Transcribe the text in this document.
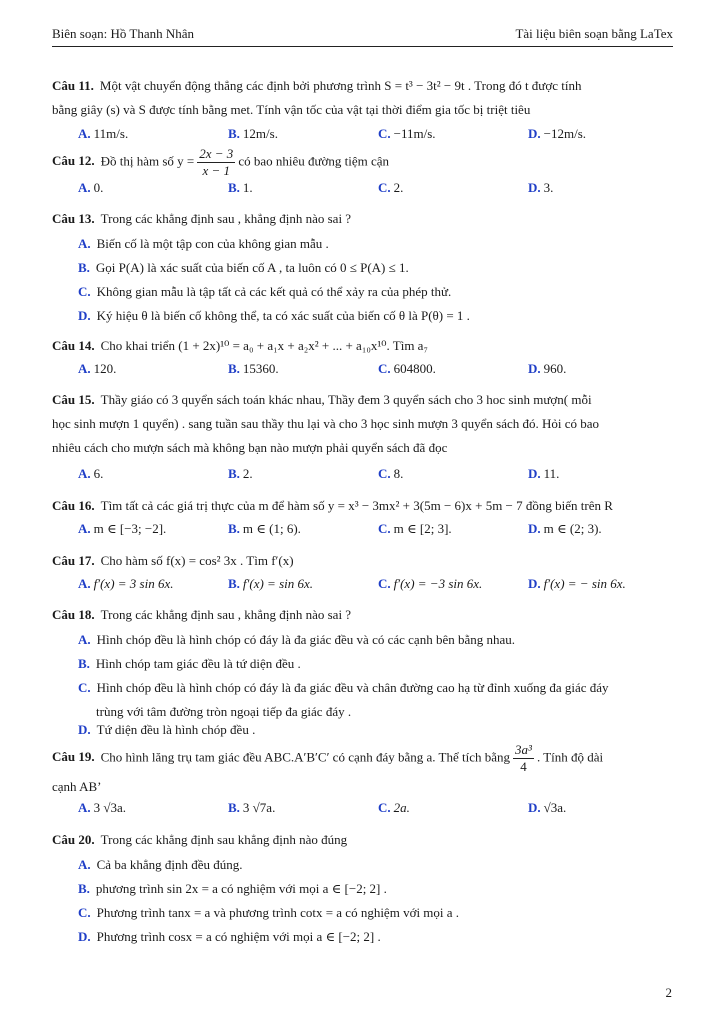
Biên soạn: Hồ Thanh Nhân	Tài liệu biên soạn bằng LaTex
Câu 11. Một vật chuyển động thẳng các định bởi phương trình S = t³ − 3t² − 9t . Trong đó t được tính
bằng giây (s) và S được tính bằng met. Tính vận tốc của vật tại thời điểm gia tốc bị triệt tiêu
A. 11m/s.	B. 12m/s.	C. −11m/s.	D. −12m/s.
Câu 12. Đồ thị hàm số $y = \frac{2x - 3}{x - 1}$ có bao nhiêu đường tiệm cận
A. 0.	B. 1.	C. 2.	D. 3.
Câu 13. Trong các khẳng định sau , khẳng định nào sai ?
A. Biến cố là một tập con của không gian mẫu .
B. Gọi P(A) là xác suất của biến cố A , ta luôn có 0 ≤ P(A) ≤ 1.
C. Không gian mẫu là tập tất cả các kết quả có thể xảy ra của phép thử.
D. Ký hiệu θ là biến cố không thể, ta có xác suất của biến cố θ là P(θ) = 1 .
Câu 14. Cho khai triển (1 + 2x)¹⁰ = a₀ + a₁x + a₂x² + ... + a₁₀x¹⁰. Tìm a₇
A. 120.	B. 15360.	C. 604800.	D. 960.
Câu 15. Thầy giáo có 3 quyển sách toán khác nhau, Thầy đem 3 quyển sách cho 3 hoc sinh mượn( mỗi
học sinh mượn 1 quyển) . sang tuần sau thầy thu lại và cho 3 học sinh mượn 3 quyển sách đó. Hỏi có bao
nhiêu cách cho mượn sách mà không bạn nào mượn phải quyển sách đã đọc
A. 6.	B. 2.	C. 8.	D. 11.
Câu 16. Tìm tất cả các giá trị thực của m để hàm số y = x³ − 3mx² + 3(5m − 6)x + 5m − 7 đồng biến trên R
A. m ∈ [−3; −2].	B. m ∈ (1; 6).	C. m ∈ [2; 3].	D. m ∈ (2; 3).
Câu 17. Cho hàm số f(x) = cos² 3x . Tìm f′(x)
A. f′(x) = 3 sin 6x.	B. f′(x) = sin 6x.	C. f′(x) = −3 sin 6x.	D. f′(x) = − sin 6x.
Câu 18. Trong các khẳng định sau , khẳng định nào sai ?
A. Hình chóp đều là hình chóp có đáy là đa giác đều và có các cạnh bên bằng nhau.
B. Hình chóp tam giác đều là tứ diện đều .
C. Hình chóp đều là hình chóp có đáy là đa giác đều và chân đường cao hạ từ đỉnh xuống đa giác đáy
trùng với tâm đường tròn ngoại tiếp đa giác đáy .
D. Tứ diện đều là hình chóp đều .
Câu 19. Cho hình lăng trụ tam giác đều ABC.A′B′C′ có cạnh đáy bằng a. Thể tích bằng $\frac{\text{3a³}}{4}$ . Tính độ dài
cạnh AB’
A. 3 √3a.	B. 3 √7a.	C. 2a.	D. √3a.
Câu 20. Trong các khẳng định sau khẳng định nào đúng
A. Cả ba khẳng định đều đúng.
B. phương trình sin 2x = a có nghiệm với mọi a ∈ [−2; 2] .
C. Phương trình tanx = a và phương trình cotx = a có nghiệm với mọi a .
D. Phương trình cosx = a có nghiệm với mọi a ∈ [−2; 2] .
2
